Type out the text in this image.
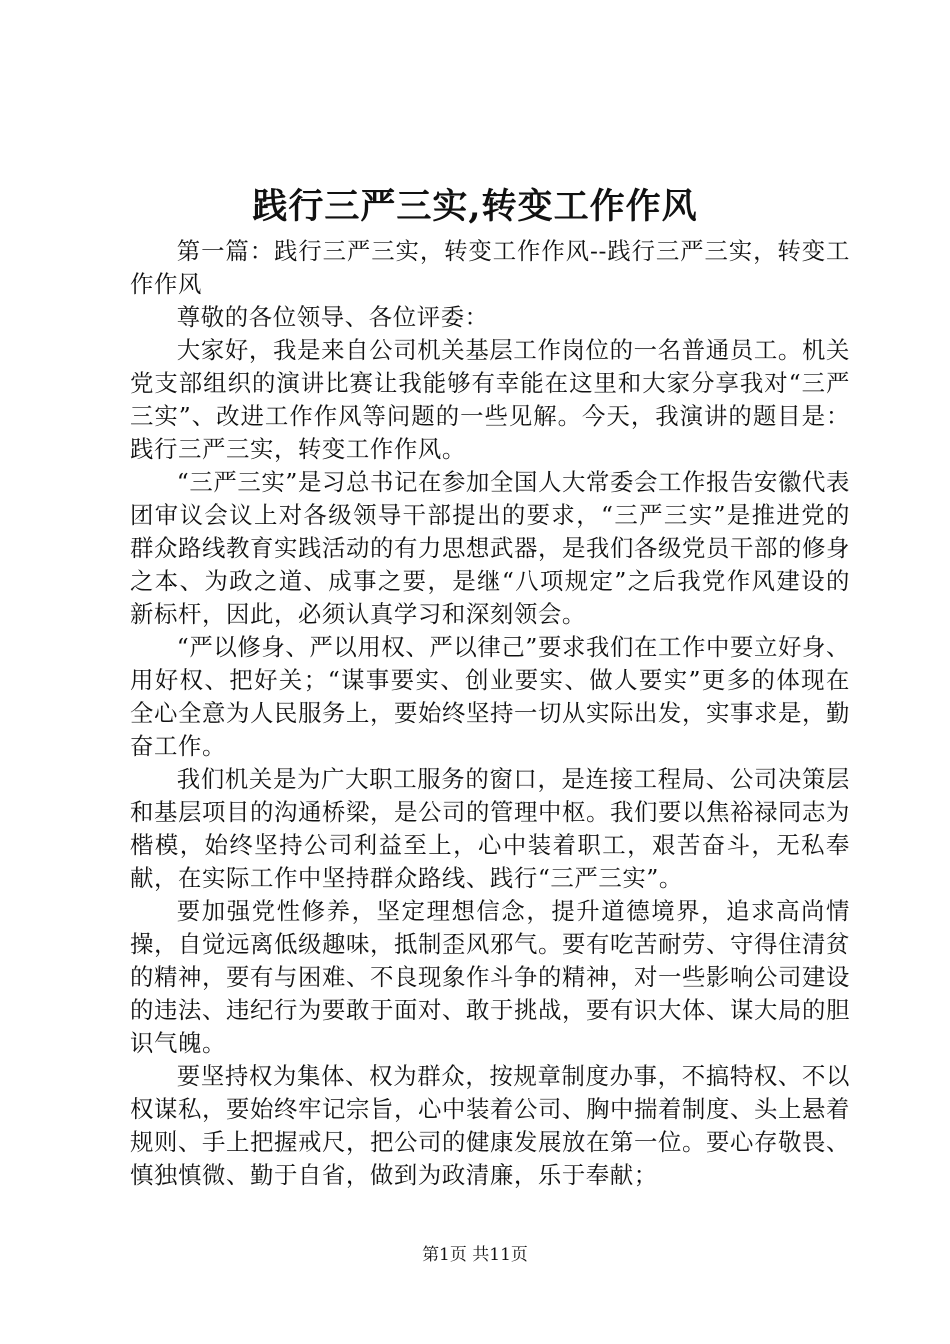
践行三严三实,转变工作作风

第一篇：践行三严三实，转变工作作风--践行三严三实，转变工作作风

尊敬的各位领导、各位评委：

大家好，我是来自公司机关基层工作岗位的一名普通员工。机关党支部组织的演讲比赛让我能够有幸能在这里和大家分享我对“三严三实”、改进工作作风等问题的一些见解。今天，我演讲的题目是：践行三严三实，转变工作作风。

“三严三实”是习总书记在参加全国人大常委会工作报告安徽代表团审议会议上对各级领导干部提出的要求，“三严三实”是推进党的群众路线教育实践活动的有力思想武器，是我们各级党员干部的修身之本、为政之道、成事之要，是继“八项规定”之后我党作风建设的新标杆，因此，必须认真学习和深刻领会。

“严以修身、严以用权、严以律己”要求我们在工作中要立好身、用好权、把好关；“谋事要实、创业要实、做人要实”更多的体现在全心全意为人民服务上，要始终坚持一切从实际出发，实事求是，勤奋工作。

我们机关是为广大职工服务的窗口，是连接工程局、公司决策层和基层项目的沟通桥梁，是公司的管理中枢。我们要以焦裕禄同志为楷模，始终坚持公司利益至上，心中装着职工，艰苦奋斗，无私奉献，在实际工作中坚持群众路线、践行“三严三实”。

要加强党性修养，坚定理想信念，提升道德境界，追求高尚情操，自觉远离低级趣味，抵制歪风邪气。要有吃苦耐劳、守得住清贫的精神，要有与困难、不良现象作斗争的精神，对一些影响公司建设的违法、违纪行为要敢于面对、敢于挑战，要有识大体、谋大局的胆识气魄。

要坚持权为集体、权为群众，按规章制度办事，不搞特权、不以权谋私，要始终牢记宗旨，心中装着公司、胸中揣着制度、头上悬着规则、手上把握戒尺，把公司的健康发展放在第一位。要心存敬畏、慎独慎微、勤于自省，做到为政清廉，乐于奉献；

第1页 共11页
